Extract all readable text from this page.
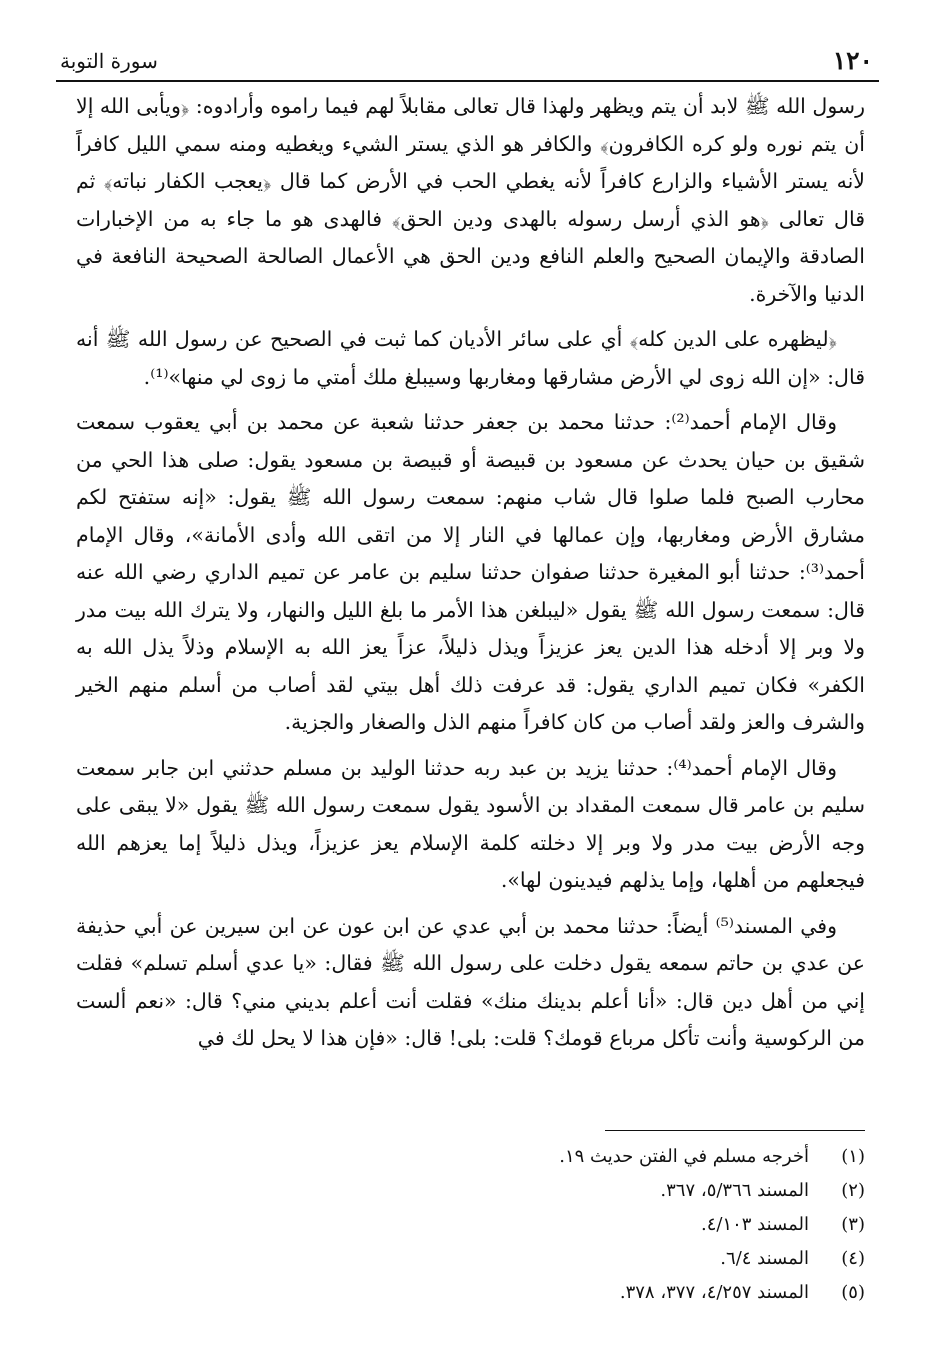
١٢٠
سورة التوبة

رسول الله ﷺ لابد أن يتم ويظهر ولهذا قال تعالى مقابلاً لهم فيما راموه وأرادوه: ﴿ويأبى الله إلا أن يتم نوره ولو كره الكافرون﴾ والكافر هو الذي يستر الشيء ويغطيه ومنه سمي الليل كافراً لأنه يستر الأشياء والزارع كافراً لأنه يغطي الحب في الأرض كما قال ﴿يعجب الكفار نباته﴾ ثم قال تعالى ﴿هو الذي أرسل رسوله بالهدى ودين الحق﴾ فالهدى هو ما جاء به من الإخبارات الصادقة والإيمان الصحيح والعلم النافع ودين الحق هي الأعمال الصالحة الصحيحة النافعة في الدنيا والآخرة.

﴿ليظهره على الدين كله﴾ أي على سائر الأديان كما ثبت في الصحيح عن رسول الله ﷺ أنه قال: «إن الله زوى لي الأرض مشارقها ومغاربها وسيبلغ ملك أمتي ما زوى لي منها»⁽¹⁾.

وقال الإمام أحمد⁽²⁾: حدثنا محمد بن جعفر حدثنا شعبة عن محمد بن أبي يعقوب سمعت شقيق بن حيان يحدث عن مسعود بن قبيصة أو قبيصة بن مسعود يقول: صلى هذا الحي من محارب الصبح فلما صلوا قال شاب منهم: سمعت رسول الله ﷺ يقول: «إنه ستفتح لكم مشارق الأرض ومغاربها، وإن عمالها في النار إلا من اتقى الله وأدى الأمانة»، وقال الإمام أحمد⁽³⁾: حدثنا أبو المغيرة حدثنا صفوان حدثنا سليم بن عامر عن تميم الداري رضي الله عنه قال: سمعت رسول الله ﷺ يقول «ليبلغن هذا الأمر ما بلغ الليل والنهار، ولا يترك الله بيت مدر ولا وبر إلا أدخله هذا الدين يعز عزيزاً ويذل ذليلاً، عزاً يعز الله به الإسلام وذلاً يذل الله به الكفر» فكان تميم الداري يقول: قد عرفت ذلك أهل بيتي لقد أصاب من أسلم منهم الخير والشرف والعز ولقد أصاب من كان كافراً منهم الذل والصغار والجزية.

وقال الإمام أحمد⁽⁴⁾: حدثنا يزيد بن عبد ربه حدثنا الوليد بن مسلم حدثني ابن جابر سمعت سليم بن عامر قال سمعت المقداد بن الأسود يقول سمعت رسول الله ﷺ يقول «لا يبقى على وجه الأرض بيت مدر ولا وبر إلا دخلته كلمة الإسلام يعز عزيزاً، ويذل ذليلاً إما يعزهم الله فيجعلهم من أهلها، وإما يذلهم فيدينون لها».

وفي المسند⁽⁵⁾ أيضاً: حدثنا محمد بن أبي عدي عن ابن عون عن ابن سيرين عن أبي حذيفة عن عدي بن حاتم سمعه يقول دخلت على رسول الله ﷺ فقال: «يا عدي أسلم تسلم» فقلت إني من أهل دين قال: «أنا أعلم بدينك منك» فقلت أنت أعلم بديني مني؟ قال: «نعم ألست من الركوسية وأنت تأكل مرباع قومك؟ قلت: بلى! قال: «فإن هذا لا يحل لك في

(١)
أخرجه مسلم في الفتن حديث ١٩.
(٢)
المسند ٥/٣٦٦، ٣٦٧.
(٣)
المسند ٤/١٠٣.
(٤)
المسند ٦/٤.
(٥)
المسند ٤/٢٥٧، ٣٧٧، ٣٧٨.
